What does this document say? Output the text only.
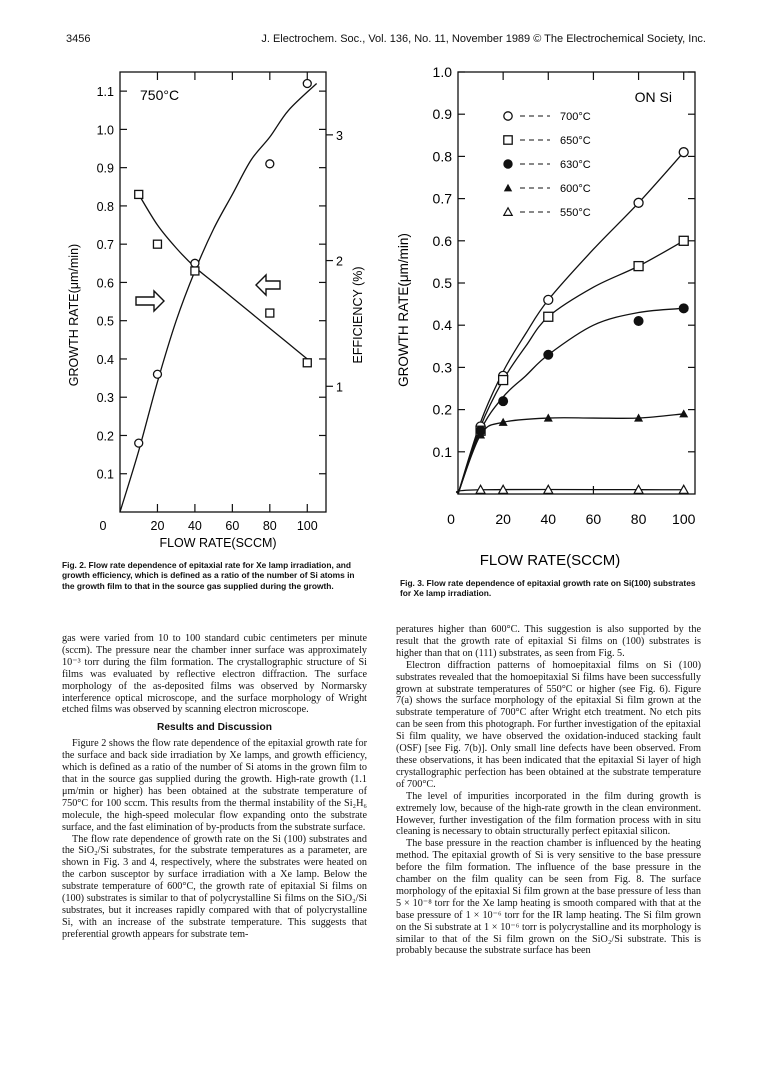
3456	J. Electrochem. Soc., Vol. 136, No. 11, November 1989 © The Electrochemical Society, Inc.
20 40 60 80 100
0
0.1
0.2
0.3
0.4
0.5
0.6
0.7
0.8
0.9
1.0
1.1
1
2
3
750°C
FLOW RATE(SCCM)
GROWTH RATE(μm/min)	EFFICIENCY (%)
Fig. 2. Flow rate dependence of epitaxial rate for Xe lamp irradiation, and growth efficiency, which is defined as a ratio of the number of Si atoms in the growth film to that in the source gas supplied during the growth.
20 40 60 80 100
0
0.1
0.2
0.3
0.4
0.5
0.6
0.7
0.8
0.9
1.0
700°C
650°C
630°C
600°C
550°C
ON Si
FLOW RATE(SCCM)
GROWTH RATE(μm/min)
Fig. 3. Flow rate dependence of epitaxial growth rate on Si(100) substrates for Xe lamp irradiation.

gas were varied from 10 to 100 standard cubic centimeters per minute (sccm). The pressure near the chamber inner surface was approximately 10⁻³ torr during the film formation. The crystallographic structure of Si films was evaluated by reflective electron diffraction. The surface morphology of the as-deposited films was observed by Normarsky interference optical microscope, and the surface morphology of Wright etched films was observed by scanning electron microscope.

Results and Discussion

Figure 2 shows the flow rate dependence of the epitaxial growth rate for the surface and back side irradiation by Xe lamps, and growth efficiency, which is defined as a ratio of the number of Si atoms in the grown film to that in the source gas supplied during the growth. High-rate growth (1.1 μm/min or higher) has been obtained at the substrate temperature of 750°C for 100 sccm. This results from the thermal instability of the Si₂H₆ molecule, the high-speed molecular flow expanding onto the substrate surface, and the fast elimination of by-products from the substrate surface.

The flow rate dependence of growth rate on the Si (100) substrates and the SiO₂/Si substrates, for the substrate temperatures as a parameter, are shown in Fig. 3 and 4, respectively, where the substrates were heated on the carbon susceptor by surface irradiation with a Xe lamp. Below the substrate temperature of 600°C, the growth rate of epitaxial Si films on (100) substrates is similar to that of polycrystalline Si films on the SiO₂/Si substrates, but it increases rapidly compared with that of polycrystalline Si, with an increase of the substrate temperature. This suggests that preferential growth appears for substrate tem-

peratures higher than 600°C. This suggestion is also supported by the result that the growth rate of epitaxial Si films on (100) substrates is higher than that on (111) substrates, as seen from Fig. 5.

Electron diffraction patterns of homoepitaxial films on Si (100) substrates revealed that the homoepitaxial Si films have been successfully grown at substrate temperatures of 550°C or higher (see Fig. 6). Figure 7(a) shows the surface morphology of the epitaxial Si film grown at the substrate temperature of 700°C after Wright etch treatment. No etch pits can be seen from this photograph. For further investigation of the epitaxial Si film quality, we have observed the oxidation-induced stacking fault (OSF) [see Fig. 7(b)]. Only small line defects have been observed. From these observations, it has been indicated that the epitaxial Si layer of high crystallographic perfection has been obtained at the substrate temperature of 700°C.

The level of impurities incorporated in the film during growth is extremely low, because of the high-rate growth in the clean environment. However, further investigation of the film formation process with in situ cleaning is necessary to obtain structurally perfect epitaxial silicon.

The base pressure in the reaction chamber is influenced by the heating method. The epitaxial growth of Si is very sensitive to the base pressure before the film formation. The influence of the base pressure in the chamber on the film quality can be seen from Fig. 8. The surface morphology of the epitaxial Si film grown at the base pressure of less than 5 × 10⁻⁸ torr for the Xe lamp heating is smooth compared with that at the base pressure of 1 × 10⁻⁶ torr for the IR lamp heating. The Si film grown on the Si substrate at 1 × 10⁻⁶ torr is polycrystalline and its morphology is similar to that of the Si film grown on the SiO₂/Si substrate. This is probably because the substrate surface has been
